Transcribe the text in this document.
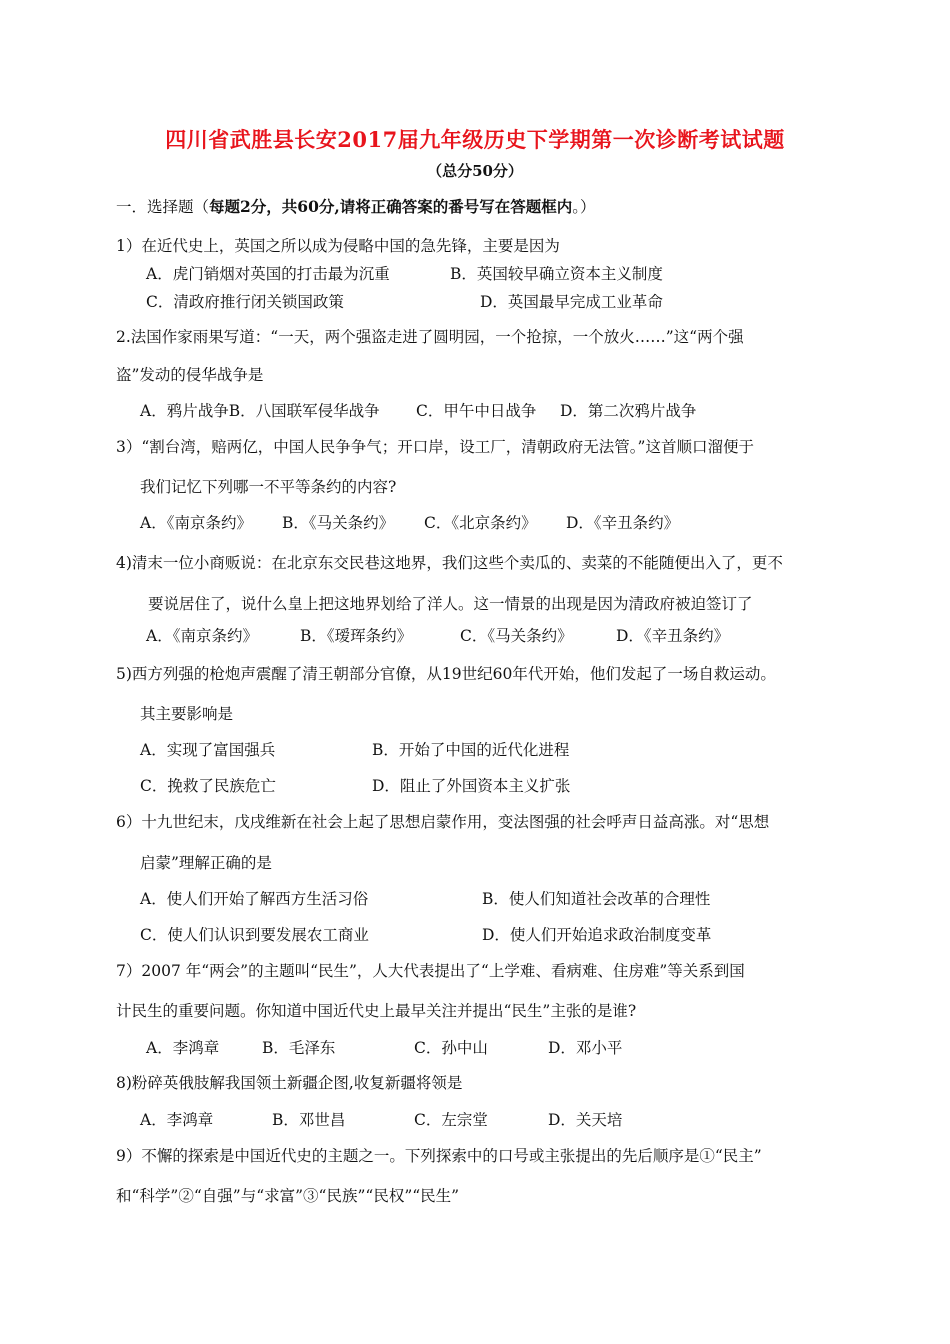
四川省武胜县长安2017届九年级历史下学期第一次诊断考试试题
（总分50分）
一．选择题（每题2分，共60分,请将正确答案的番号写在答题框内。）
1）在近代史上，英国之所以成为侵略中国的急先锋，主要是因为
A．虎门销烟对英国的打击最为沉重	B．英国较早确立资本主义制度
C．清政府推行闭关锁国政策	D．英国最早完成工业革命
2.法国作家雨果写道：“一天，两个强盗走进了圆明园，一个抢掠，一个放火……”这“两个强
盗”发动的侵华战争是
A．鸦片战争B．八国联军侵华战争 C．甲午中日战争 D．第二次鸦片战争
3）“割台湾，赔两亿，中国人民争争气；开口岸，设工厂，清朝政府无法管。”这首顺口溜便于
我们记忆下列哪一不平等条约的内容?
A．《南京条约》 B．《马关条约》 C．《北京条约》 D．《辛丑条约》
4)清末一位小商贩说：在北京东交民巷这地界，我们这些个卖瓜的、卖菜的不能随便出入了，更不
要说居住了，说什么皇上把这地界划给了洋人。这一情景的出现是因为清政府被迫签订了
A．《南京条约》	B．《瑷珲条约》	C．《马关条约》	D．《辛丑条约》
5)西方列强的枪炮声震醒了清王朝部分官僚，从19世纪60年代开始，他们发起了一场自救运动。
其主要影响是
A．实现了富国强兵	B．开始了中国的近代化进程
C．挽救了民族危亡	D．阻止了外国资本主义扩张
6）十九世纪末，戊戌维新在社会上起了思想启蒙作用，变法图强的社会呼声日益高涨。对“思想
启蒙”理解正确的是
A．使人们开始了解西方生活习俗	B．使人们知道社会改革的合理性
C．使人们认识到要发展农工商业	D．使人们开始追求政治制度变革
7）2007 年“两会”的主题叫“民生”，人大代表提出了“上学难、看病难、住房难”等关系到国
计民生的重要问题。你知道中国近代史上最早关注并提出“民生”主张的是谁?
A．李鸿章	B．毛泽东	C．孙中山	D．邓小平
8)粉碎英俄肢解我国领土新疆企图,收复新疆将领是
A．李鸿章	B．邓世昌	C．左宗堂	D．关天培
9）不懈的探索是中国近代史的主题之一。下列探索中的口号或主张提出的先后顺序是①“民主”
和“科学”②“自强”与“求富”③“民族”“民权”“民生”
